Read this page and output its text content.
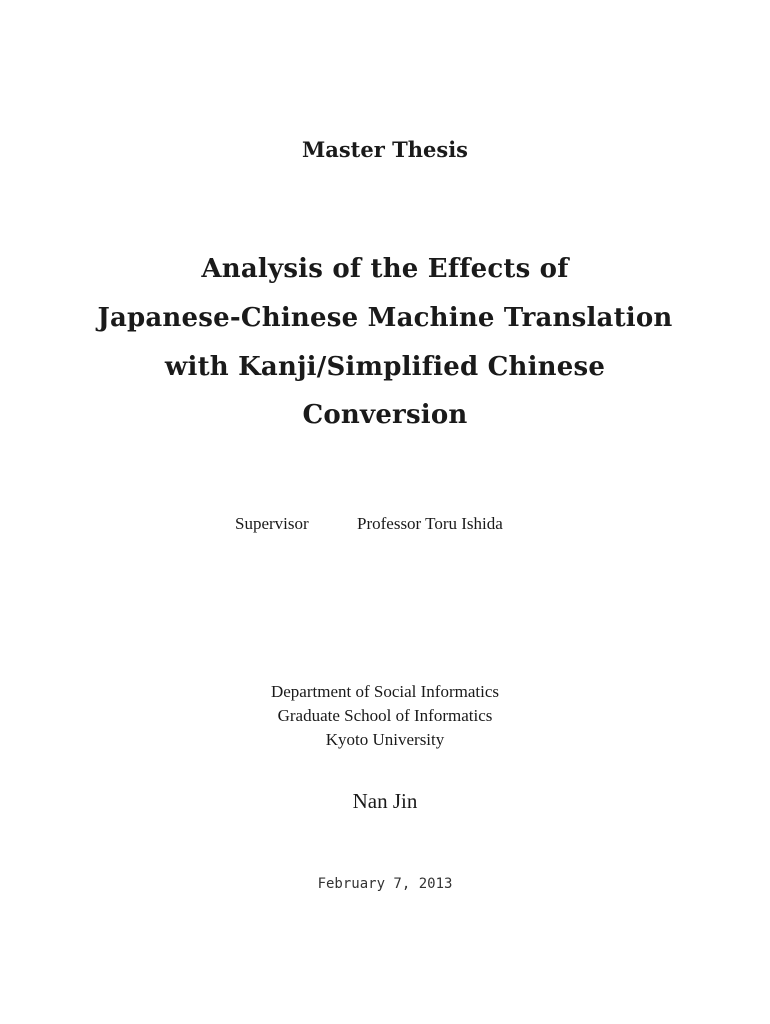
Master Thesis
Analysis of the Effects of
Japanese-Chinese Machine Translation
with Kanji/Simplified Chinese
Conversion
Supervisor	Professor Toru Ishida
Department of Social Informatics
Graduate School of Informatics
Kyoto University
Nan Jin
February 7, 2013
